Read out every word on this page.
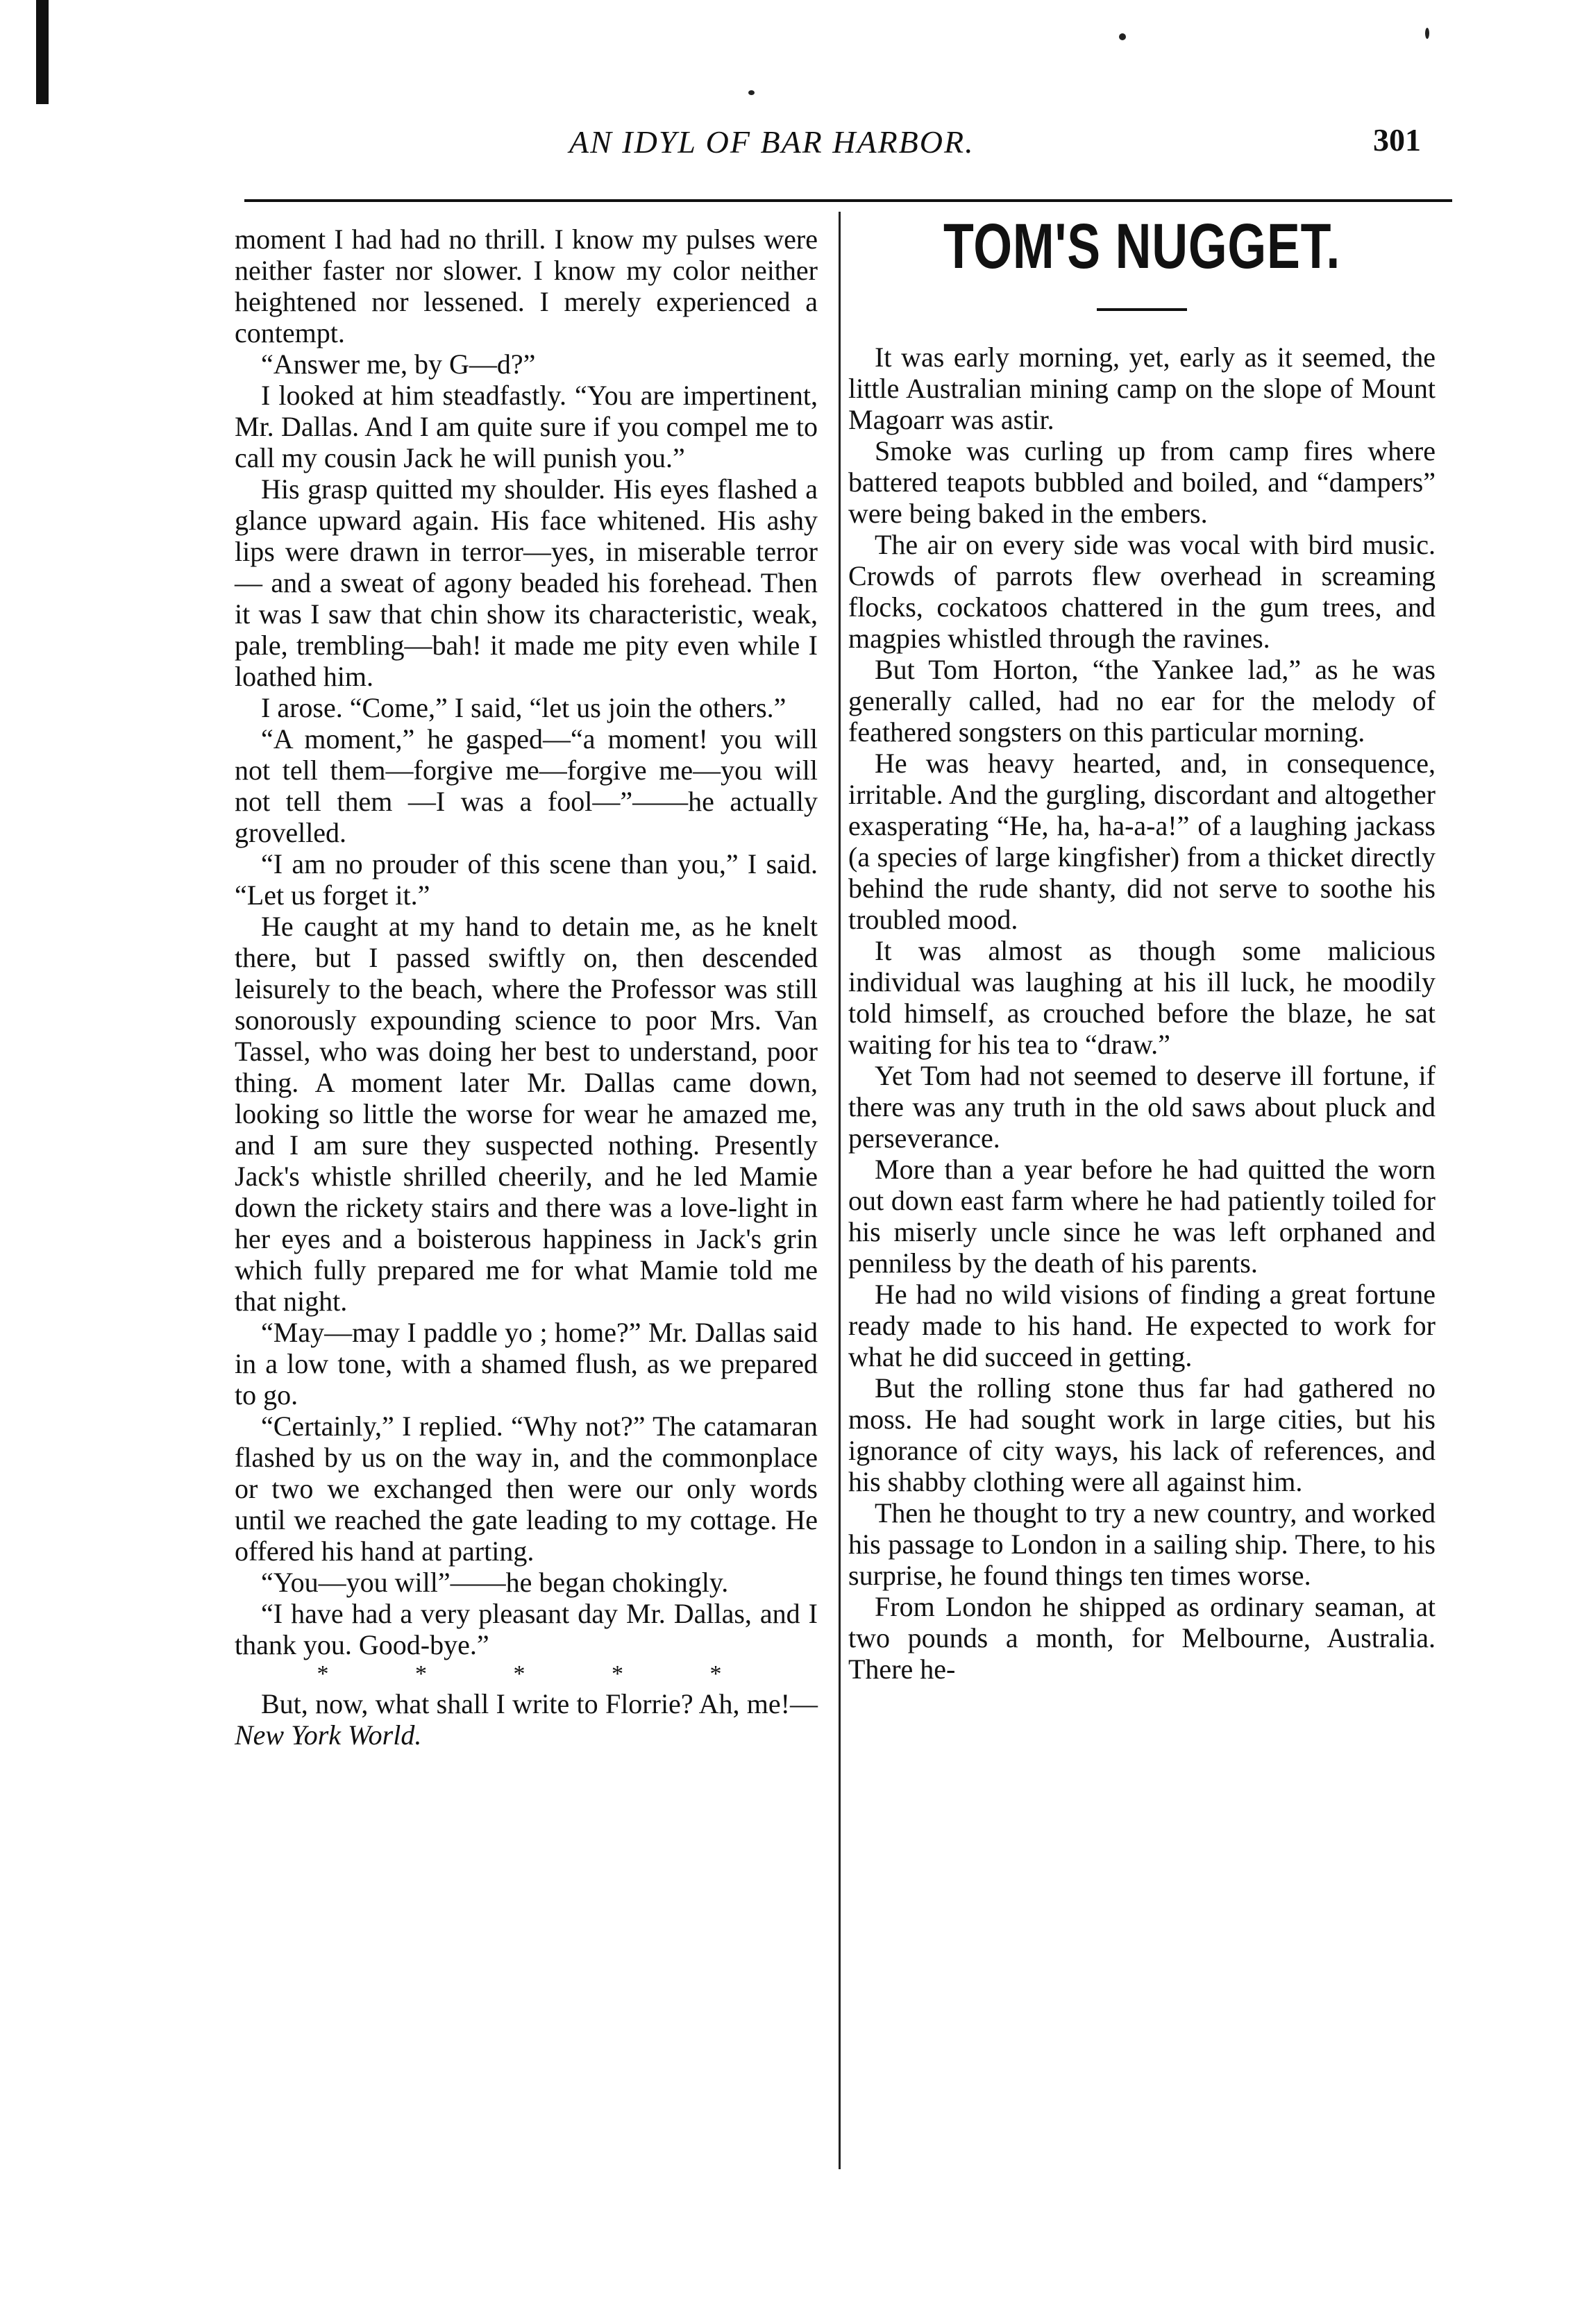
AN IDYL OF BAR HARBOR.	301

moment I had had no thrill. I know my pulses were neither faster nor slower. I know my color neither heightened nor lessened. I merely experienced a contempt.

“Answer me, by G—d?”

I looked at him steadfastly. “You are impertinent, Mr. Dallas. And I am quite sure if you compel me to call my cousin Jack he will punish you.”

His grasp quitted my shoulder. His eyes flashed a glance upward again. His face whitened. His ashy lips were drawn in terror—yes, in miserable terror — and a sweat of agony beaded his forehead. Then it was I saw that chin show its characteristic, weak, pale, trembling—bah! it made me pity even while I loathed him.

I arose. “Come,” I said, “let us join the others.”

“A moment,” he gasped—“a moment! you will not tell them—forgive me—forgive me—you will not tell them —I was a fool—”——he actually grovelled.

“I am no prouder of this scene than you,” I said. “Let us forget it.”

He caught at my hand to detain me, as he knelt there, but I passed swiftly on, then descended leisurely to the beach, where the Professor was still sonorously expounding science to poor Mrs. Van Tassel, who was doing her best to understand, poor thing. A moment later Mr. Dallas came down, looking so little the worse for wear he amazed me, and I am sure they suspected nothing. Presently Jack's whistle shrilled cheerily, and he led Mamie down the rickety stairs and there was a love-light in her eyes and a boisterous happiness in Jack's grin which fully prepared me for what Mamie told me that night.

“May—may I paddle yo ; home?” Mr. Dallas said in a low tone, with a shamed flush, as we prepared to go.

“Certainly,” I replied. “Why not?” The catamaran flashed by us on the way in, and the commonplace or two we exchanged then were our only words until we reached the gate leading to my cottage. He offered his hand at parting.

“You—you will”——he began chokingly.

“I have had a very pleasant day Mr. Dallas, and I thank you. Good-bye.”

* * * * *

But, now, what shall I write to Florrie? Ah, me!—New York World.

TOM'S NUGGET.

It was early morning, yet, early as it seemed, the little Australian mining camp on the slope of Mount Magoarr was astir.

Smoke was curling up from camp fires where battered teapots bubbled and boiled, and “dampers” were being baked in the embers.

The air on every side was vocal with bird music. Crowds of parrots flew overhead in screaming flocks, cockatoos chattered in the gum trees, and magpies whistled through the ravines.

But Tom Horton, “the Yankee lad,” as he was generally called, had no ear for the melody of feathered songsters on this particular morning.

He was heavy hearted, and, in consequence, irritable. And the gurgling, discordant and altogether exasperating “He, ha, ha-a-a!” of a laughing jackass (a species of large kingfisher) from a thicket directly behind the rude shanty, did not serve to soothe his troubled mood.

It was almost as though some malicious individual was laughing at his ill luck, he moodily told himself, as crouched before the blaze, he sat waiting for his tea to “draw.”

Yet Tom had not seemed to deserve ill fortune, if there was any truth in the old saws about pluck and perseverance.

More than a year before he had quitted the worn out down east farm where he had patiently toiled for his miserly uncle since he was left orphaned and penniless by the death of his parents.

He had no wild visions of finding a great fortune ready made to his hand. He expected to work for what he did succeed in getting.

But the rolling stone thus far had gathered no moss. He had sought work in large cities, but his ignorance of city ways, his lack of references, and his shabby clothing were all against him.

Then he thought to try a new country, and worked his passage to London in a sailing ship. There, to his surprise, he found things ten times worse.

From London he shipped as ordinary seaman, at two pounds a month, for Melbourne, Australia. There he-
